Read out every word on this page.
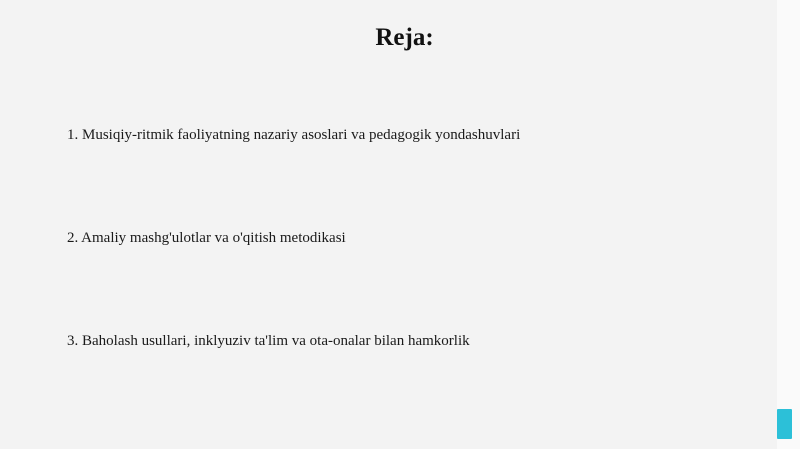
Reja:
1. Musiqiy-ritmik faoliyatning nazariy asoslari va pedagogik yondashuvlari
2. Amaliy mashg'ulotlar va o'qitish metodikasi
3. Baholash usullari, inklyuziv ta'lim va ota-onalar bilan hamkorlik
